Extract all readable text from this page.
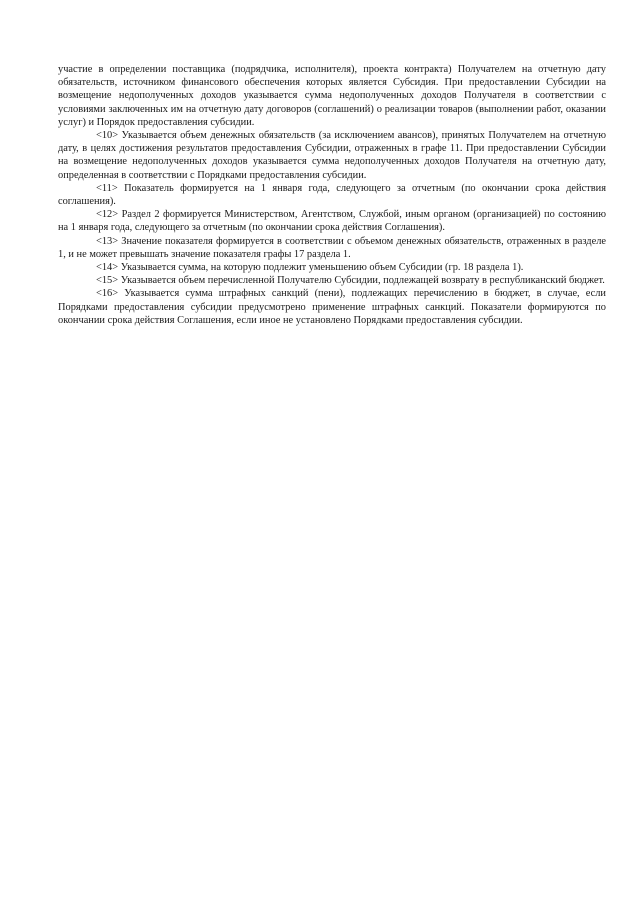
участие в определении поставщика (подрядчика, исполнителя), проекта контракта) Получателем на отчетную дату обязательств, источником финансового обеспечения которых является Субсидия. При предоставлении Субсидии на возмещение недополученных доходов указывается сумма недополученных доходов Получателя в соответствии с условиями заключенных им на отчетную дату договоров (соглашений) о реализации товаров (выполнении работ, оказании услуг) и Порядок предоставления субсидии.

<10> Указывается объем денежных обязательств (за исключением авансов), принятых Получателем на отчетную дату, в целях достижения результатов предоставления Субсидии, отраженных в графе 11. При предоставлении Субсидии на возмещение недополученных доходов указывается сумма недополученных доходов Получателя на отчетную дату, определенная в соответствии с Порядками предоставления субсидии.

<11> Показатель формируется на 1 января года, следующего за отчетным (по окончании срока действия соглашения).

<12> Раздел 2 формируется Министерством, Агентством, Службой, иным органом (организацией) по состоянию на 1 января года, следующего за отчетным (по окончании срока действия Соглашения).

<13> Значение показателя формируется в соответствии с объемом денежных обязательств, отраженных в разделе 1, и не может превышать значение показателя графы 17 раздела 1.

<14> Указывается сумма, на которую подлежит уменьшению объем Субсидии (гр. 18 раздела 1).

<15> Указывается объем перечисленной Получателю Субсидии, подлежащей возврату в республиканский бюджет.

<16> Указывается сумма штрафных санкций (пени), подлежащих перечислению в бюджет, в случае, если Порядками предоставления субсидии предусмотрено применение штрафных санкций. Показатели формируются по окончании срока действия Соглашения, если иное не установлено Порядками предоставления субсидии.
